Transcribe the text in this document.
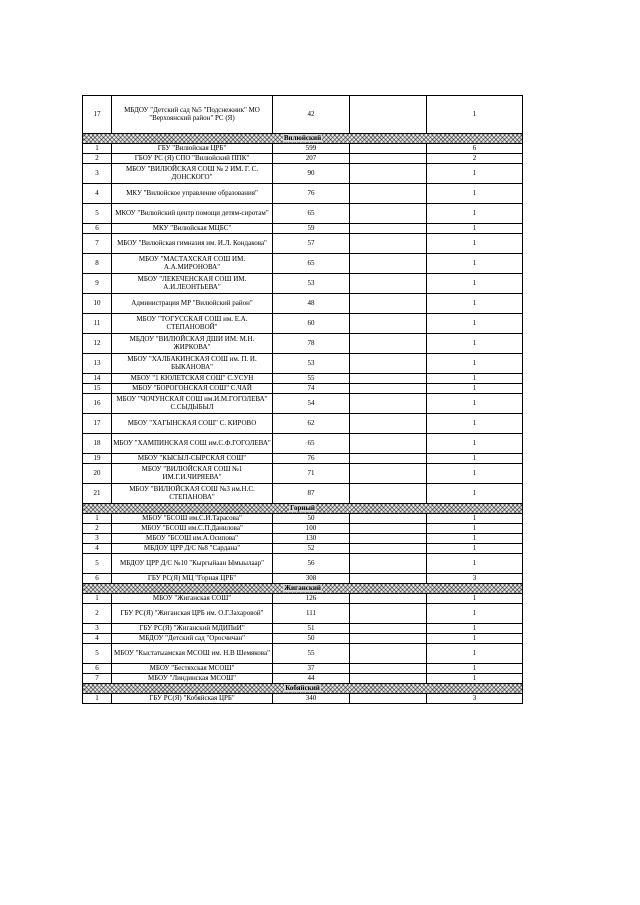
17	МБДОУ "Детский сад №5 "Подснежник" МО "Верхоянский район" РС (Я)	42		1
Вилюйский				
1	ГБУ "Вилюйская ЦРБ"	599		6
2	ГБОУ РС (Я) СПО "Вилюйский ППК"	207		2
3	МБОУ "ВИЛЮЙСКАЯ СОШ № 2 ИМ. Г. С. ДОНСКОГО"	90		1
4	МКУ "Вилюйское управление образования"	76		1
5	МКОУ "Вилюйский центр помощи детям-сиротам"	65		1
6	МКУ "Вилюйская МЦБС"	59		1
7	МБОУ "Вилюйская гимназия им. И.Л. Кондакова"	57		1
8	МБОУ "МАСТАХСКАЯ СОШ ИМ. А.А.МИРОНОВА"	65		1
9	МБОУ "ЛЕКЕЧЕНСКАЯ СОШ ИМ. А.И.ЛЕОНТЬЕВА"	53		1
10	Администрация МР "Вилюйский район"	48		1
11	МБОУ "ТОГУССКАЯ СОШ им. Е.А. СТЕПАНОВОЙ"	60		1
12	МБДОУ "ВИЛЮЙСКАЯ ДШИ ИМ. М.Н. ЖИРКОВА"	78		1
13	МБОУ "ХАЛБАКИНСКАЯ СОШ им. П. И. БЫКАНОВА"	53		1
14	МБОУ "1 КЮЛЕТСКАЯ СОШ" С.УСУН	55		1
15	МБОУ "БОРОГОНСКАЯ СОШ" С.ЧАЙ	74		1
16	МБОУ "ЧОЧУНСКАЯ СОШ им.И.М.ГОГОЛЕВА" С.СЫДЫБЫЛ	54		1
17	МБОУ "ХАГЫНСКАЯ СОШ" С. КИРОВО	62		1
18	МБОУ "ХАМПИНСКАЯ СОШ им.С.Ф.ГОГОЛЕВА"	65		1
19	МБОУ "КЫСЫЛ-СЫРСКАЯ СОШ"	76		1
20	МБОУ "ВИЛЮЙСКАЯ СОШ №1 ИМ.Г.И.ЧИРЯЕВА"	71		1
21	МБОУ "ВИЛЮЙСКАЯ СОШ №3 им.Н.С. СТЕПАНОВА"	87		1
Горный				
1	МБОУ "БСОШ им.С.И.Тарасова"	50		1
2	МБОУ "БСОШ им.С.П.Данилова"	100		1
3	МБОУ "БСОШ им.А.Осипова"	130		1
4	МБДОУ ЦРР Д/С №8 "Сардана"	52		1
5	МБДОУ ЦРР Д/С №10 "Кыргыйаан Ымыылаар"	56		1
6	ГБУ РС(Я) МЦ "Горная ЦРБ"	308		3
Жиганский				
1	МБОУ "Жиганская СОШ"	126		1
2	ГБУ РС(Я) "Жиганская ЦРБ им. О.Г.Захаровой"	111		1
3	ГБУ РС(Я) "Жиганский МДИПиИ"	51		1
4	МБДОУ "Детский сад "Оросчичан"	50		1
5	МБОУ "Кыстатыамская МСОШ им. Н.В Шемякова"	55		1
6	МБОУ "Бестяхская МСОШ"	37		1
7	МБОУ "Линдинская МСОШ"	44		1
Кобяйский				
1	ГБУ РС(Я) "Кобяйская ЦРБ"	340		3
